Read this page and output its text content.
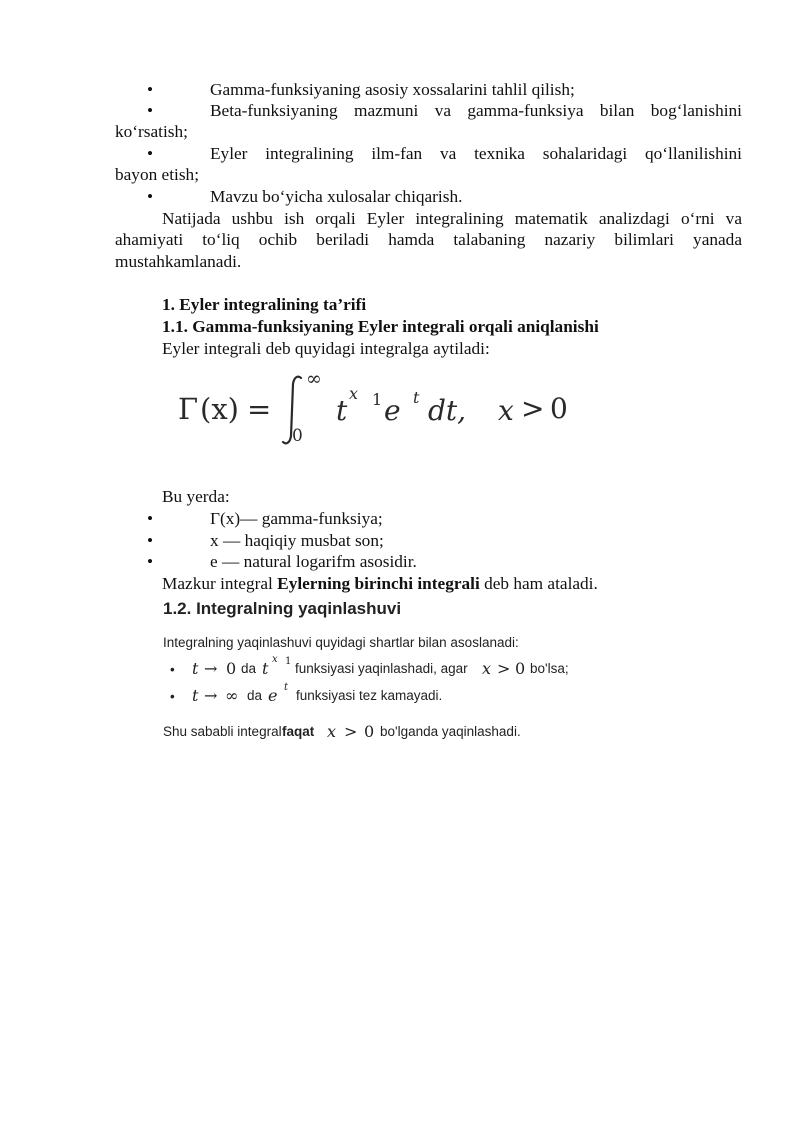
•	Gamma-funksiyaning asosiy xossalarini tahlil qilish;
•	Beta-funksiyaning mazmuni va gamma-funksiya bilan bog‘lanishini
ko‘rsatish;
•	Eyler integralining ilm-fan va texnika sohalaridagi qo‘llanilishini
bayon etish;
•	Mavzu bo‘yicha xulosalar chiqarish.
Natijada ushbu ish orqali Eyler integralining matematik analizdagi o‘rni va
ahamiyati to‘liq ochib beriladi hamda talabaning nazariy bilimlari yanada
mustahkamlanadi.
1. Eyler integralining ta’rifi
1.1. Gamma-funksiyaning Eyler integrali orqali aniqlanishi
Eyler integrali deb quyidagi integralga aytiladi:
Γ (x) =
∞
0
t
x 1 e t dt, x > 0
Bu yerda:
•	Γ(x)— gamma-funksiya;
•	x — haqiqiy musbat son;
•	e — natural logarifm asosidir.
Mazkur integral Eylerning birinchi integrali deb ham ataladi.
1.2. Integralning yaqinlashuvi
Integralning yaqinlashuvi quyidagi shartlar bilan asoslanadi:
• t → 0 da t x 1 funksiyasi yaqinlashadi, agar x > 0 bo'lsa;
• t → ∞ da e t
funksiyasi tez kamayadi.
Shu sababli integral faqat x > 0 bo'lganda yaqinlashadi.
